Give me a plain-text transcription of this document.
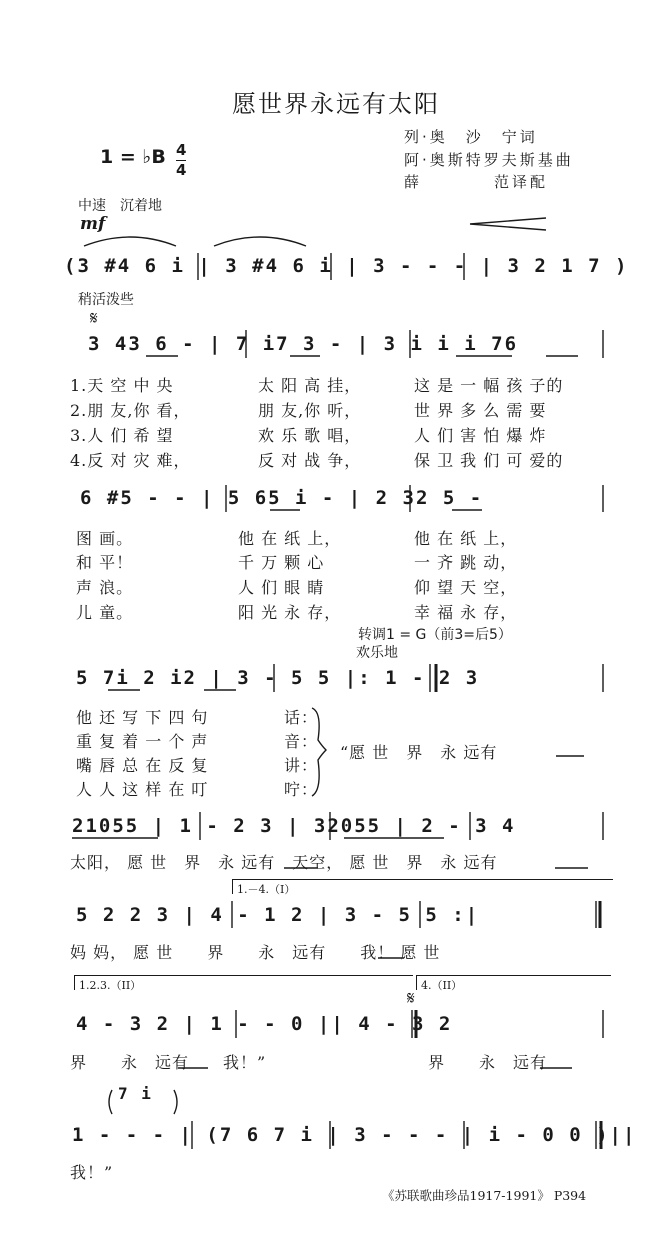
愿世界永远有太阳
列·奥　沙　宁词
阿·奥斯特罗夫斯基曲
薛　　　　范译配
1 = ♭B 4
4
中速　沉着地
mf
(3 #4 6 i | 3 #4 6 i | 3 - - - | 3 2 1 7 )
稍活泼些
𝄋
3 43 6 - | 7 i7 3 - | 3 i i i 76
1.天 空 中 央	太 阳 高 挂，	这 是 一 幅 孩 子的
2.朋 友,你 看，	朋 友,你 听，	世 界 多 么 需 要
3.人 们 希 望	欢 乐 歌 唱，	人 们 害 怕 爆 炸
4.反 对 灾 难，	反 对 战 争，	保 卫 我 们 可 爱的
6 #5 - - | 5 65 i - | 2 32 5 -
图 画。	他 在 纸 上，	他 在 纸 上，
和 平！	千 万 颗 心	一 齐 跳 动，
声 浪。	人 们 眼 睛	仰 望 天 空，
儿 童。	阳 光 永 存，	幸 福 永 存，
转调1 = G（前3=后5）
欢乐地
5 7i 2 i2 | 3 - 5 5 |: 1 - 2 3
他 还 写 下 四 句	话：
重 复 着 一 个 声	音：
嘴 唇 总 在 反 复	讲：
人 人 这 样 在 叮	咛：
“愿 世　界　永 远有
21055 | 1 - 2 3 | 32055 | 2 - 3 4
太阳， 愿 世　界　永 远有　天空， 愿 世　界　永 远有
1.－4.（I）
5 2 2 3 | 4 - 1 2 | 3 - 5 5 :|
妈 妈， 愿 世　　界　　永　远有　　我！ 愿 世
1.2.3.（II）	4.（II）
𝄋
4 - 3 2 | 1 - - 0 || 4 - 3 2
界　　永　远有　　我！”	界　　永　远有
7 i
1 - - - | (7 6 7 i | 3 - - - | i - 0 0 )||
我！”
《苏联歌曲珍品1917-1991》 P394
